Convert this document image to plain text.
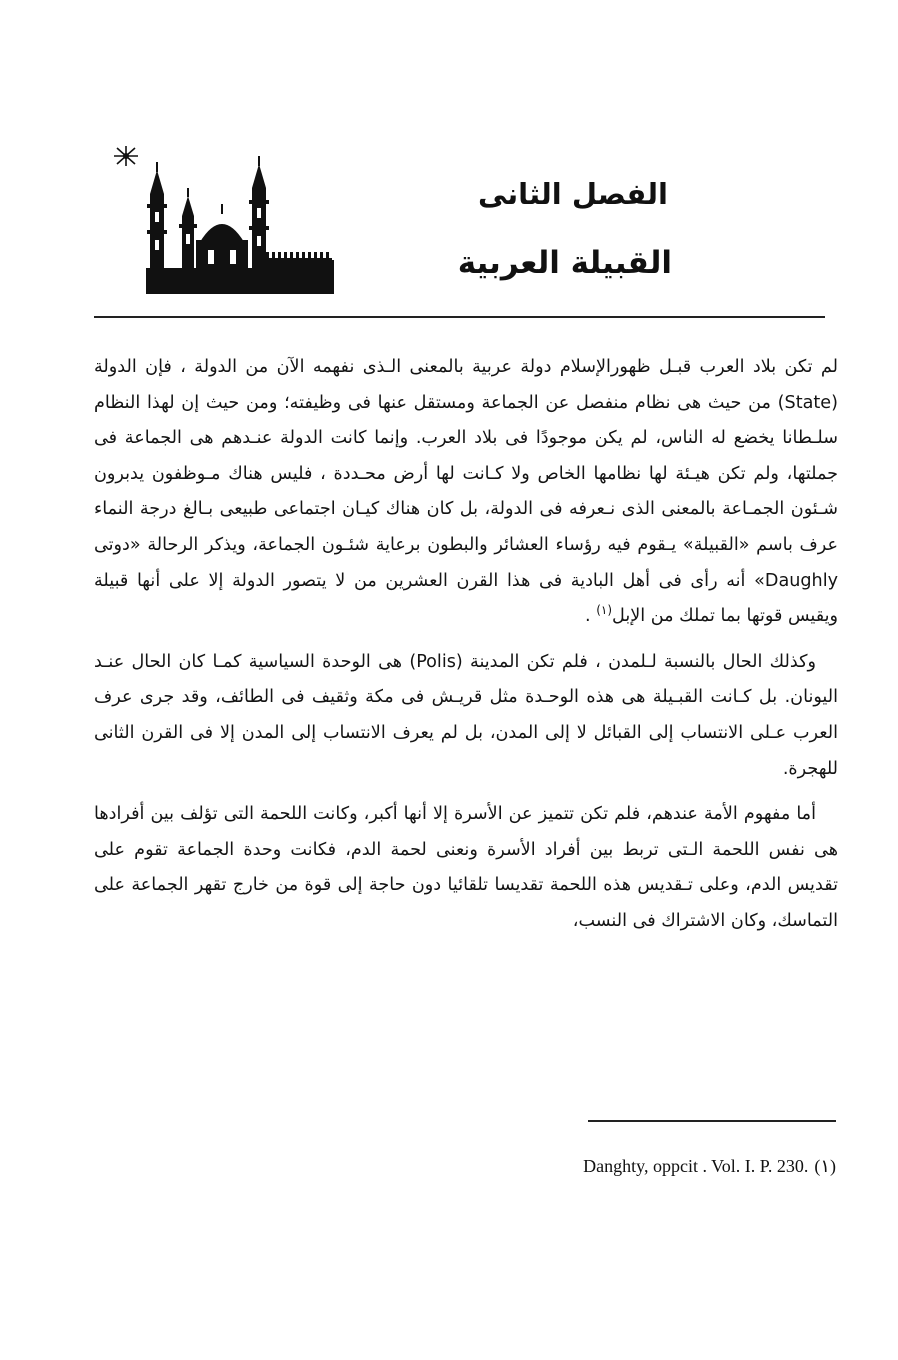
الفصل الثانى
القبيلة العربية

لم تكن بلاد العرب قبـل ظهورالإسلام دولة عربية بالمعنى الـذى نفهمه الآن من الدولة ، فإن الدولة (State) من حيث هى نظام منفصل عن الجماعة ومستقل عنها فى وظيفته؛ ومن حيث إن لهذا النظام سلـطانا يخضع له الناس، لم يكن موجودًا فى بلاد العرب. وإنما كانت الدولة عنـدهم هى الجماعة فى جملتها، ولم تكن هيـئة لها نظامها الخاص ولا كـانت لها أرض محـددة ، فليس هناك مـوظفون يدبرون شـئون الجمـاعة بالمعنى الذى نـعرفه فى الدولة، بل كان هناك كيـان اجتماعى طبيعى بـالغ درجة النماء عرف باسم «القبيلة» يـقوم فيه رؤساء العشائر والبطون برعاية شئـون الجماعة، ويذكر الرحالة «دوتى Daughly» أنه رأى فى أهل البادية فى هذا القرن العشرين من لا يتصور الدولة إلا على أنها قبيلة ويقيس قوتها بما تملك من الإبل$^{(١)}$ .

وكذلك الحال بالنسبة لـلمدن ، فلم تكن المدينة (Polis) هى الوحدة السياسية كمـا كان الحال عنـد اليونان. بل كـانت القبـيلة هى هذه الوحـدة مثل قريـش فى مكة وثقيف فى الطائف، وقد جرى عرف العرب عـلى الانتساب إلى القبائل لا إلى المدن، بل لم يعرف الانتساب إلى المدن إلا فى القرن الثانى للهجرة.

أما مفهوم الأمة عندهم، فلم تكن تتميز عن الأسرة إلا أنها أكبر، وكانت اللحمة التى تؤلف بين أفرادها هى نفس اللحمة الـتى تربط بين أفراد الأسرة ونعنى لحمة الدم، فكانت وحدة الجماعة تقوم على تقديس الدم، وعلى تـقديس هذه اللحمة تقديسا تلقائيا دون حاجة إلى قوة من خارج تقهر الجماعة على التماسك، وكان الاشتراك فى النسب،

Danghty, oppcit . Vol. I. P. 230. (١)
